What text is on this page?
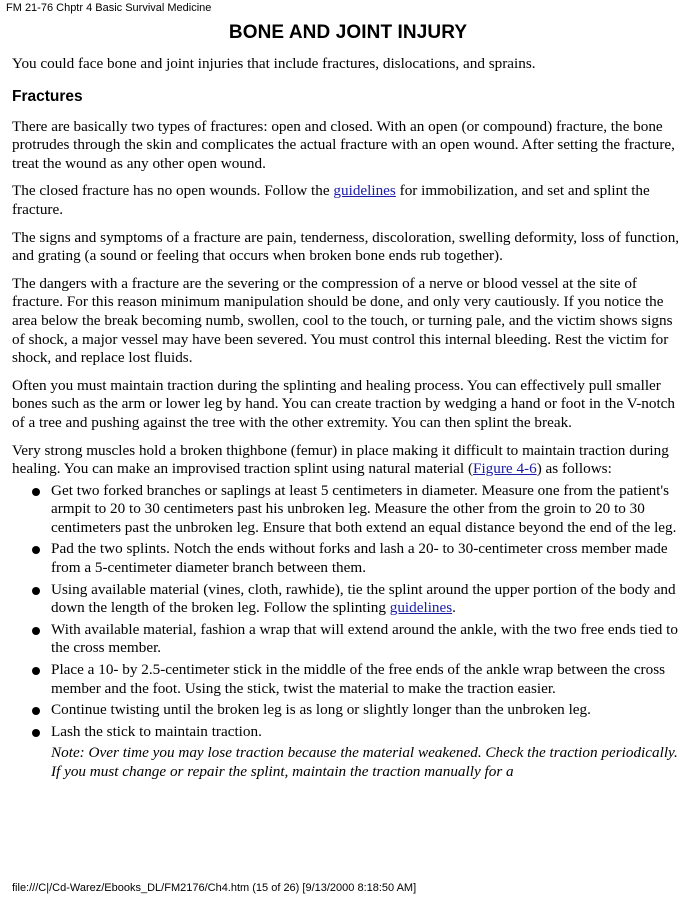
FM 21-76 Chptr 4 Basic Survival Medicine
BONE AND JOINT INJURY

You could face bone and joint injuries that include fractures, dislocations, and sprains.

Fractures

There are basically two types of fractures: open and closed. With an open (or compound) fracture, the bone protrudes through the skin and complicates the actual fracture with an open wound. After setting the fracture, treat the wound as any other open wound.

The closed fracture has no open wounds. Follow the guidelines for immobilization, and set and splint the fracture.

The signs and symptoms of a fracture are pain, tenderness, discoloration, swelling deformity, loss of function, and grating (a sound or feeling that occurs when broken bone ends rub together).

The dangers with a fracture are the severing or the compression of a nerve or blood vessel at the site of fracture. For this reason minimum manipulation should be done, and only very cautiously. If you notice the area below the break becoming numb, swollen, cool to the touch, or turning pale, and the victim shows signs of shock, a major vessel may have been severed. You must control this internal bleeding. Rest the victim for shock, and replace lost fluids.

Often you must maintain traction during the splinting and healing process. You can effectively pull smaller bones such as the arm or lower leg by hand. You can create traction by wedging a hand or foot in the V-notch of a tree and pushing against the tree with the other extremity. You can then splint the break.

Very strong muscles hold a broken thighbone (femur) in place making it difficult to maintain traction during healing. You can make an improvised traction splint using natural material (Figure 4-6) as follows:

Get two forked branches or saplings at least 5 centimeters in diameter. Measure one from the patient's armpit to 20 to 30 centimeters past his unbroken leg. Measure the other from the groin to 20 to 30 centimeters past the unbroken leg. Ensure that both extend an equal distance beyond the end of the leg.
Pad the two splints. Notch the ends without forks and lash a 20- to 30-centimeter cross member made from a 5-centimeter diameter branch between them.
Using available material (vines, cloth, rawhide), tie the splint around the upper portion of the body and down the length of the broken leg. Follow the splinting guidelines.
With available material, fashion a wrap that will extend around the ankle, with the two free ends tied to the cross member.
Place a 10- by 2.5-centimeter stick in the middle of the free ends of the ankle wrap between the cross member and the foot. Using the stick, twist the material to make the traction easier.
Continue twisting until the broken leg is as long or slightly longer than the unbroken leg.
Lash the stick to maintain traction.

Note: Over time you may lose traction because the material weakened. Check the traction periodically. If you must change or repair the splint, maintain the traction manually for a

file:///C|/Cd-Warez/Ebooks_DL/FM2176/Ch4.htm (15 of 26) [9/13/2000 8:18:50 AM]
